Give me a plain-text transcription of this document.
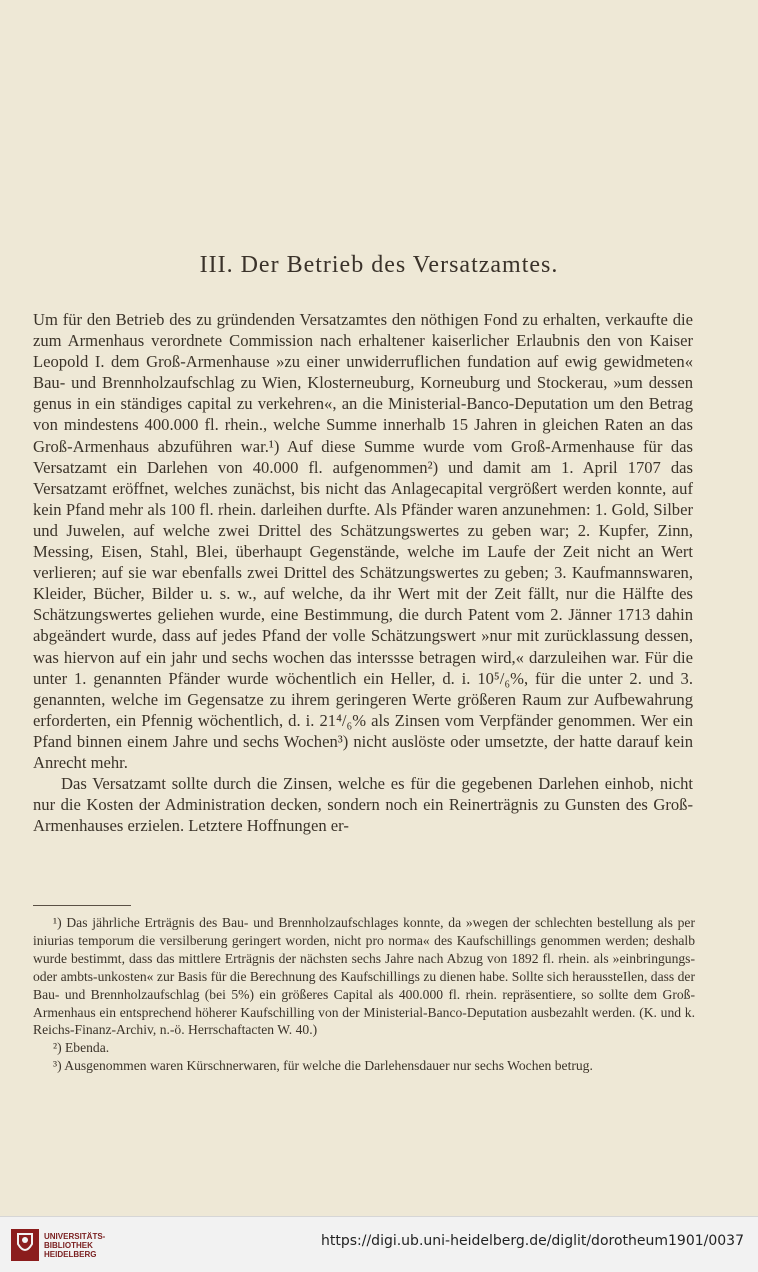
III. Der Betrieb des Versatzamtes.

Um für den Betrieb des zu gründenden Versatzamtes den nöthigen Fond zu erhalten, verkaufte die zum Armenhaus verordnete Commission nach erhaltener kaiserlicher Erlaubnis den von Kaiser Leopold I. dem Groß-Armenhause »zu einer unwiderruflichen fundation auf ewig gewidmeten« Bau- und Brennholzaufschlag zu Wien, Klosterneuburg, Korneuburg und Stockerau, »um dessen genus in ein ständiges capital zu verkehren«, an die Ministerial-Banco-Deputation um den Betrag von mindestens 400.000 fl. rhein., welche Summe innerhalb 15 Jahren in gleichen Raten an das Groß-Armenhaus abzuführen war.¹) Auf diese Summe wurde vom Groß-Armenhause für das Versatzamt ein Darlehen von 40.000 fl. aufgenommen²) und damit am 1. April 1707 das Versatzamt eröffnet, welches zunächst, bis nicht das Anlagecapital vergrößert werden konnte, auf kein Pfand mehr als 100 fl. rhein. darleihen durfte. Als Pfänder waren anzunehmen: 1. Gold, Silber und Juwelen, auf welche zwei Drittel des Schätzungswertes zu geben war; 2. Kupfer, Zinn, Messing, Eisen, Stahl, Blei, überhaupt Gegenstände, welche im Laufe der Zeit nicht an Wert verlieren; auf sie war ebenfalls zwei Drittel des Schätzungswertes zu geben; 3. Kaufmannswaren, Kleider, Bücher, Bilder u. s. w., auf welche, da ihr Wert mit der Zeit fällt, nur die Hälfte des Schätzungswertes geliehen wurde, eine Bestimmung, die durch Patent vom 2. Jänner 1713 dahin abgeändert wurde, dass auf jedes Pfand der volle Schätzungswert »nur mit zurücklassung dessen, was hiervon auf ein jahr und sechs wochen das interssse betragen wird,« darzuleihen war. Für die unter 1. genannten Pfänder wurde wöchentlich ein Heller, d. i. 10⁵/₆%, für die unter 2. und 3. genannten, welche im Gegensatze zu ihrem geringeren Werte größeren Raum zur Aufbewahrung erforderten, ein Pfennig wöchentlich, d. i. 21⁴/₆% als Zinsen vom Verpfänder genommen. Wer ein Pfand binnen einem Jahre und sechs Wochen³) nicht auslöste oder umsetzte, der hatte darauf kein Anrecht mehr.

Das Versatzamt sollte durch die Zinsen, welche es für die gegebenen Darlehen einhob, nicht nur die Kosten der Administration decken, sondern noch ein Reinerträgnis zu Gunsten des Groß-Armenhauses erzielen. Letztere Hoffnungen er-

¹) Das jährliche Erträgnis des Bau- und Brennholzaufschlages konnte, da »wegen der schlechten bestellung als per iniurias temporum die versilberung geringert worden, nicht pro norma« des Kaufschillings genommen werden; deshalb wurde bestimmt, dass das mittlere Erträgnis der nächsten sechs Jahre nach Abzug von 1892 fl. rhein. als »einbringungs- oder ambts-unkosten« zur Basis für die Berechnung des Kaufschillings zu dienen habe. Sollte sich heraussteIlen, dass der Bau- und Brennholzaufschlag (bei 5%) ein größeres Capital als 400.000 fl. rhein. repräsentiere, so sollte dem Groß-Armenhaus ein entsprechend höherer Kaufschilling von der Ministerial-Banco-Deputation ausbezahlt werden. (K. und k. Reichs-Finanz-Archiv, n.-ö. Herrschaftacten W. 40.)

²) Ebenda.

³) Ausgenommen waren Kürschnerwaren, für welche die Darlehensdauer nur sechs Wochen betrug.

UNIVERSITÄTS-
BIBLIOTHEK
HEIDELBERG
https://digi.ub.uni-heidelberg.de/diglit/dorotheum1901/0037
